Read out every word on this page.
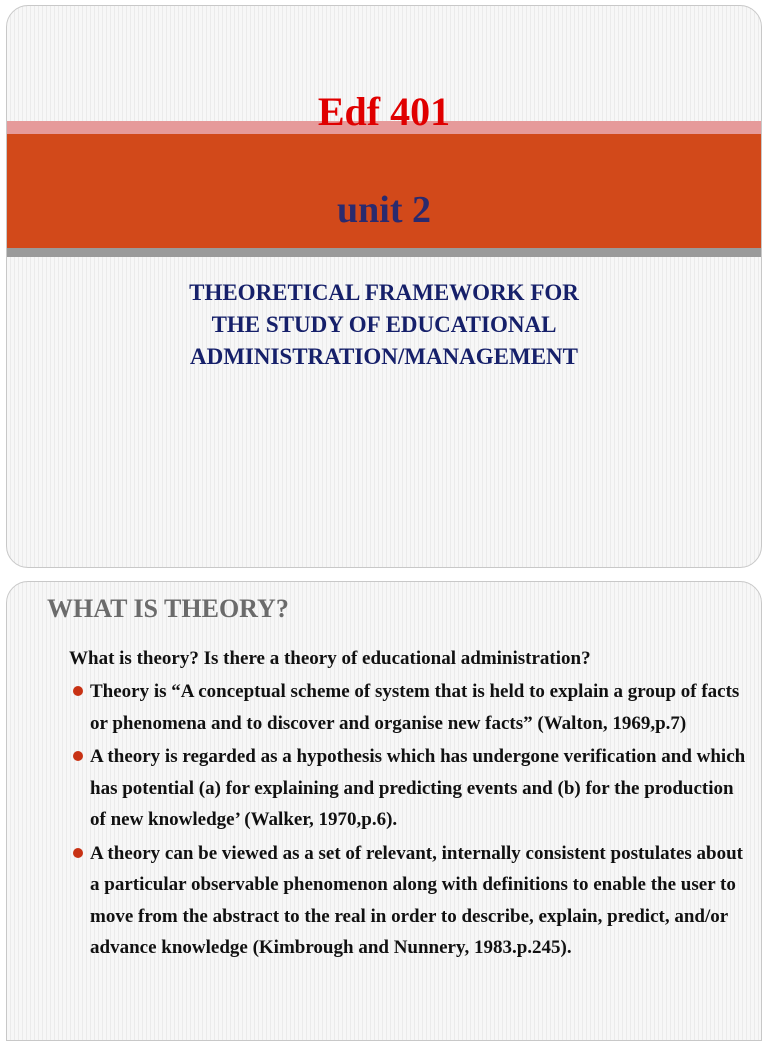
Edf 401
unit 2
THEORETICAL FRAMEWORK FOR
THE STUDY OF EDUCATIONAL
ADMINISTRATION/MANAGEMENT
WHAT IS THEORY?
What is theory? Is there a theory of educational administration?
Theory is “A conceptual scheme of system that is held to explain a group of facts or phenomena and to discover and organise new facts” (Walton, 1969,p.7)
A theory is regarded as a hypothesis which has undergone verification and which has potential (a) for explaining and predicting events and (b) for the production of new knowledge’ (Walker, 1970,p.6).
A theory can be viewed as a set of relevant, internally consistent postulates about a particular observable phenomenon along with definitions to enable the user to move from the abstract to the real in order to describe, explain, predict, and/or advance knowledge (Kimbrough and Nunnery, 1983.p.245).
